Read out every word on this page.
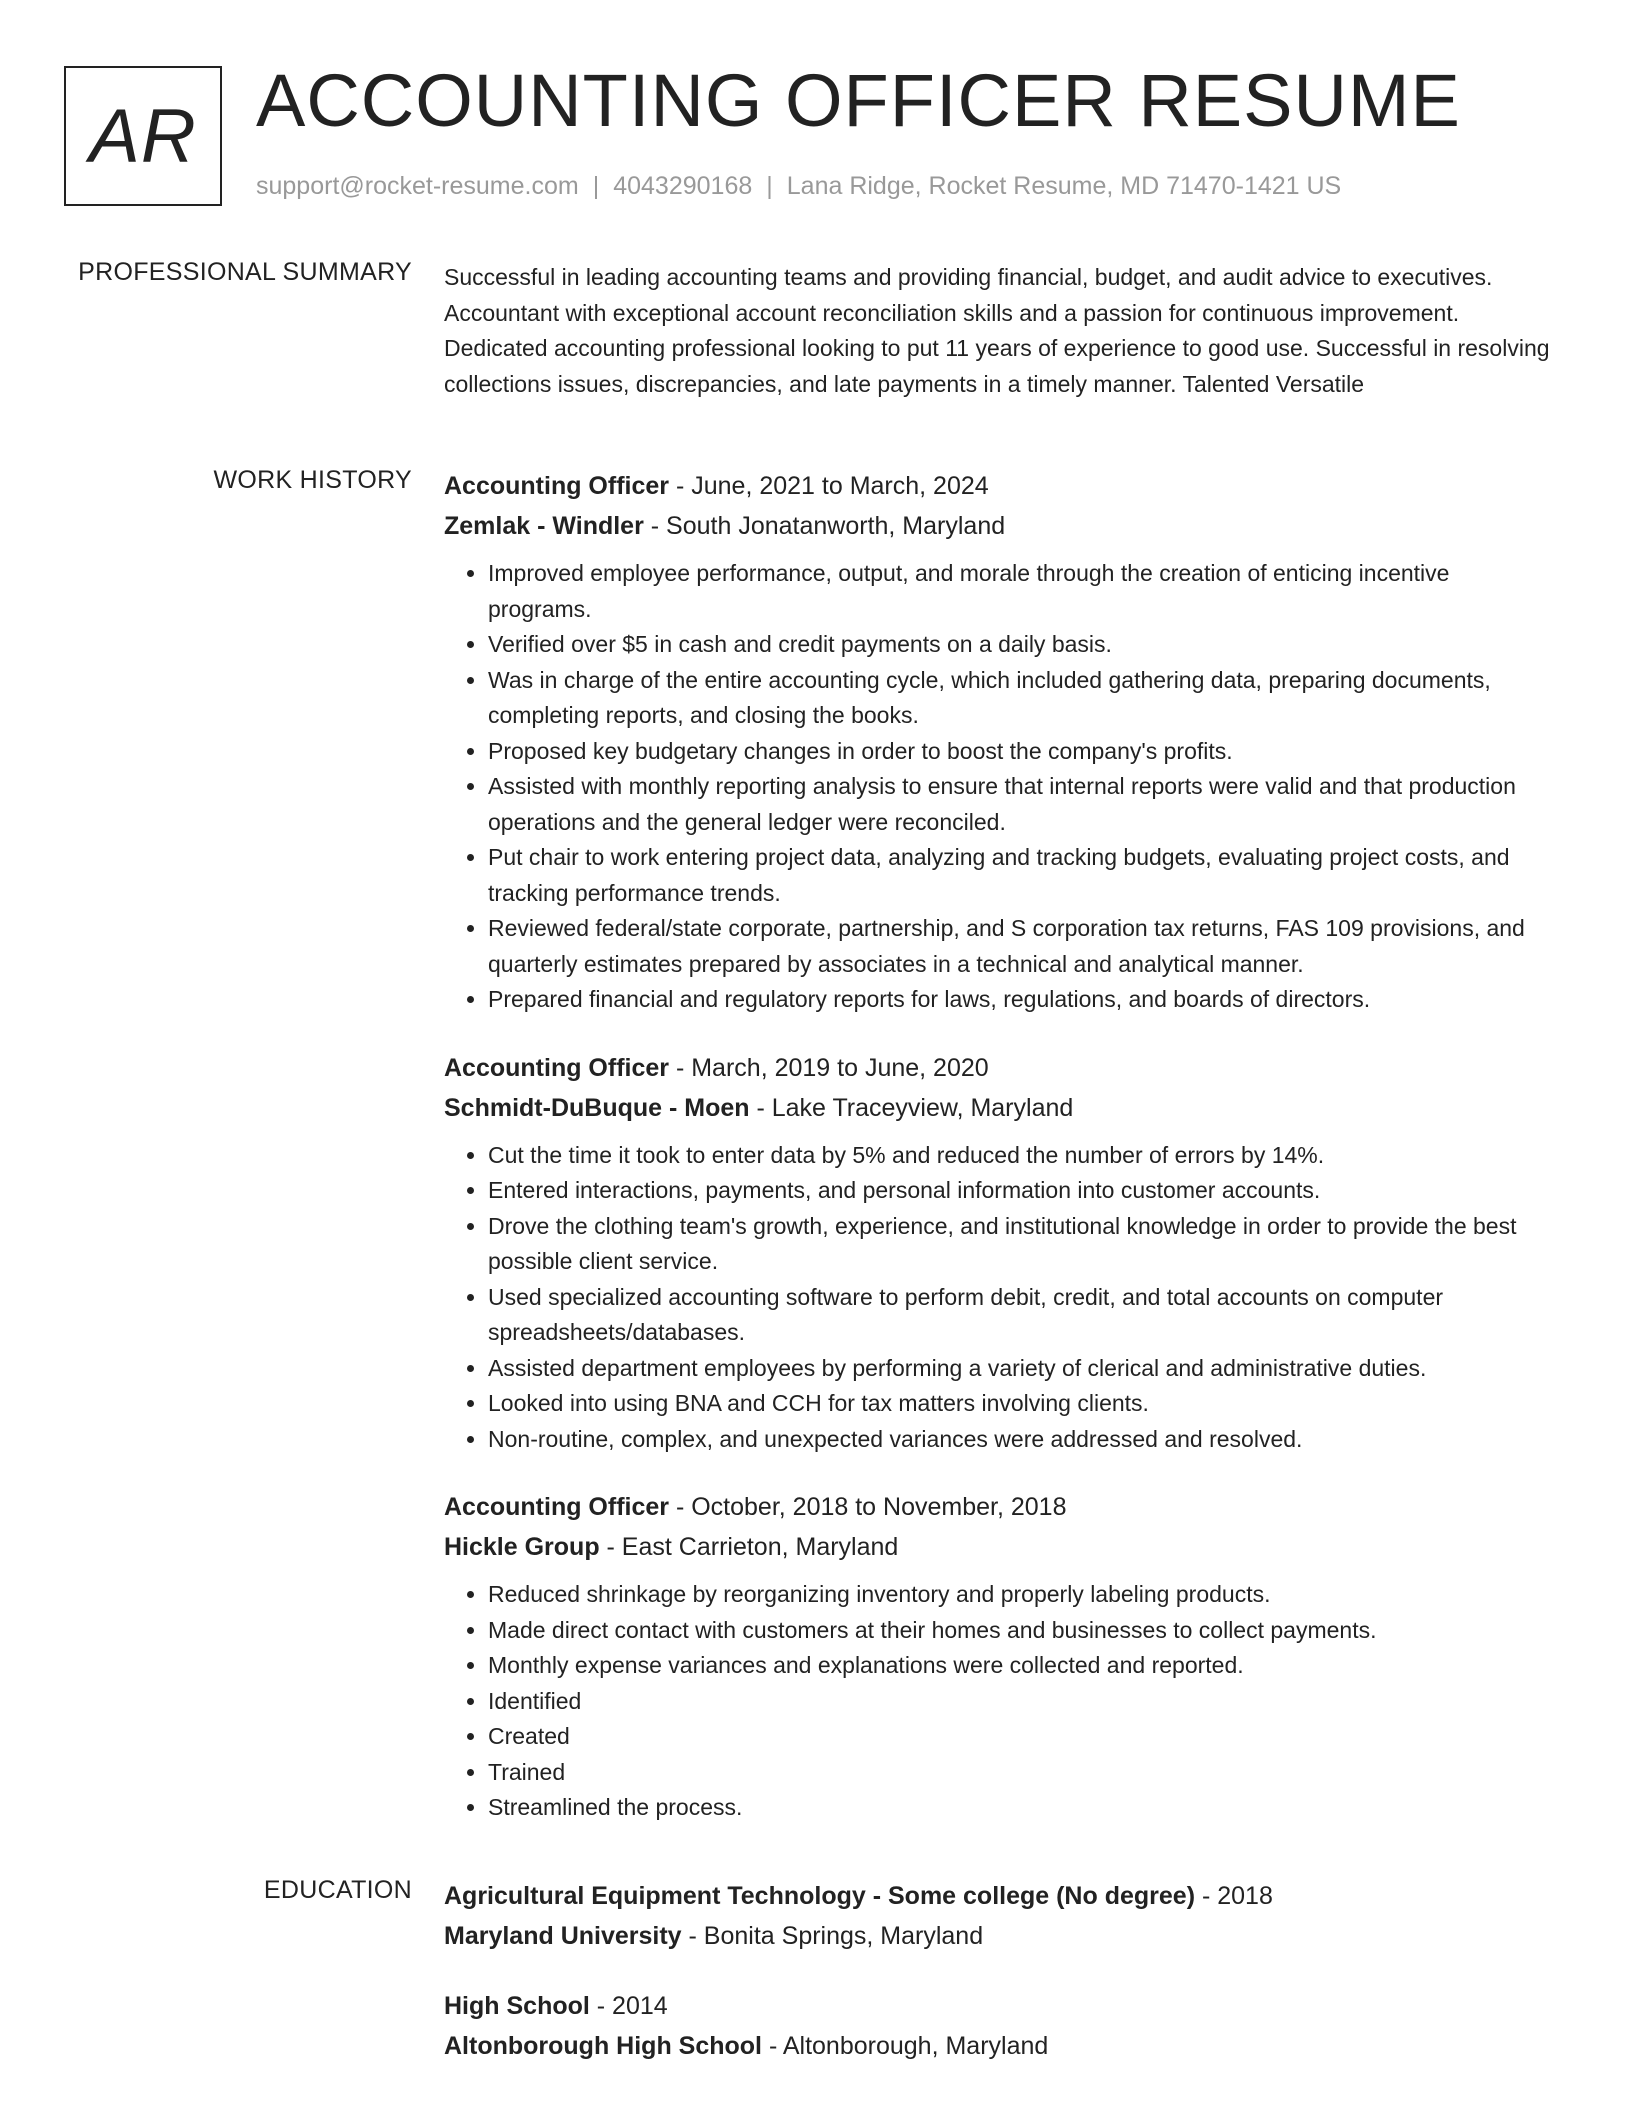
AR ACCOUNTING OFFICER RESUME
support@rocket-resume.com | 4043290168 | Lana Ridge, Rocket Resume, MD 71470-1421 US
PROFESSIONAL SUMMARY Successful in leading accounting teams and providing financial, budget, and audit advice to executives. Accountant with exceptional account reconciliation skills and a passion for continuous improvement. Dedicated accounting professional looking to put 11 years of experience to good use. Successful in resolving collections issues, discrepancies, and late payments in a timely manner. Talented Versatile

WORK HISTORY Accounting Officer - June, 2021 to March, 2024
Zemlak - Windler - South Jonatanworth, Maryland
• Improved employee performance, output, and morale through the creation of enticing incentive programs.
• Verified over $5 in cash and credit payments on a daily basis.
• Was in charge of the entire accounting cycle, which included gathering data, preparing documents, completing reports, and closing the books.
• Proposed key budgetary changes in order to boost the company's profits.
• Assisted with monthly reporting analysis to ensure that internal reports were valid and that production operations and the general ledger were reconciled.
• Put chair to work entering project data, analyzing and tracking budgets, evaluating project costs, and tracking performance trends.
• Reviewed federal/state corporate, partnership, and S corporation tax returns, FAS 109 provisions, and quarterly estimates prepared by associates in a technical and analytical manner.
• Prepared financial and regulatory reports for laws, regulations, and boards of directors.
Accounting Officer - March, 2019 to June, 2020
Schmidt-DuBuque - Moen - Lake Traceyview, Maryland
• Cut the time it took to enter data by 5% and reduced the number of errors by 14%.
• Entered interactions, payments, and personal information into customer accounts.
• Drove the clothing team's growth, experience, and institutional knowledge in order to provide the best possible client service.
• Used specialized accounting software to perform debit, credit, and total accounts on computer spreadsheets/databases.
• Assisted department employees by performing a variety of clerical and administrative duties.
• Looked into using BNA and CCH for tax matters involving clients.
• Non-routine, complex, and unexpected variances were addressed and resolved.
Accounting Officer - October, 2018 to November, 2018
Hickle Group - East Carrieton, Maryland
• Reduced shrinkage by reorganizing inventory and properly labeling products.
• Made direct contact with customers at their homes and businesses to collect payments.
• Monthly expense variances and explanations were collected and reported.
• Identified
• Created
• Trained
• Streamlined the process.
EDUCATION Agricultural Equipment Technology - Some college (No degree) - 2018
Maryland University - Bonita Springs, Maryland
High School - 2014
Altonborough High School - Altonborough, Maryland
